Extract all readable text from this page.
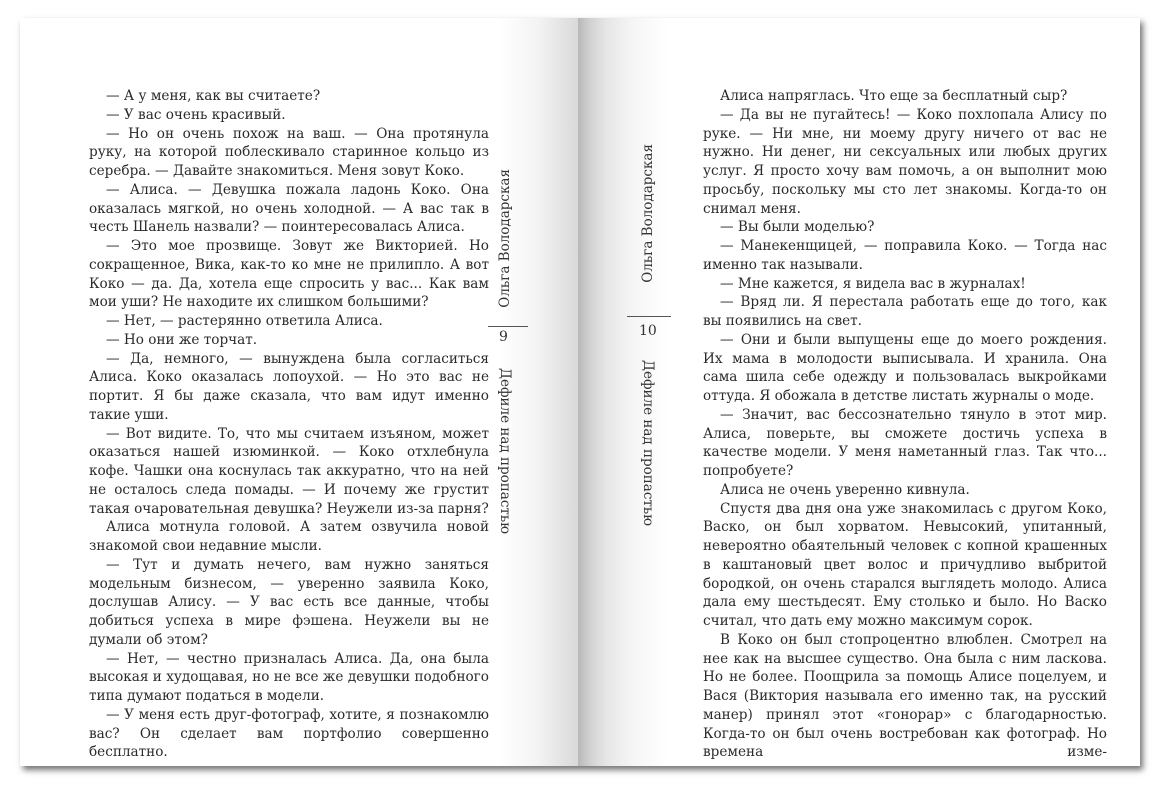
— А у меня, как вы считаете?

— У вас очень красивый.

— Но он очень похож на ваш. — Она протянула руку, на которой поблескивало старинное кольцо из серебра. — Давайте знакомиться. Меня зовут Коко.

— Алиса. — Девушка пожала ладонь Коко. Она оказалась мягкой, но очень холодной. — А вас так в честь Шанель назвали? — поинтересовалась Алиса.

— Это мое прозвище. Зовут же Викторией. Но сокращенное, Вика, как-то ко мне не прилипло. А вот Коко — да. Да, хотела еще спросить у вас... Как вам мои уши? Не находите их слишком большими?

— Нет, — растерянно ответила Алиса.

— Но они же торчат.

— Да, немного, — вынуждена была согласиться Алиса. Коко оказалась лопоухой. — Но это вас не портит. Я бы даже сказала, что вам идут именно такие уши.

— Вот видите. То, что мы считаем изъяном, может оказаться нашей изюминкой. — Коко отхлебнула кофе. Чашки она коснулась так аккуратно, что на ней не осталось следа помады. — И почему же грустит такая очаровательная девушка? Неужели из-за парня?

Алиса мотнула головой. А затем озвучила новой знакомой свои недавние мысли.

— Тут и думать нечего, вам нужно заняться модельным бизнесом, — уверенно заявила Коко, дослушав Алису. — У вас есть все данные, чтобы добиться успеха в мире фэшена. Неужели вы не думали об этом?

— Нет, — честно призналась Алиса. Да, она была высокая и худощавая, но не все же девушки подобного типа думают податься в модели.

— У меня есть друг-фотограф, хотите, я познакомлю вас? Он сделает вам портфолио совершенно бесплатно.

Ольга Володарская
9
Дефиле над пропастью
Ольга Володарская
10
Дефиле над пропастью

Алиса напряглась. Что еще за бесплатный сыр?

— Да вы не пугайтесь! — Коко похлопала Алису по руке. — Ни мне, ни моему другу ничего от вас не нужно. Ни денег, ни сексуальных или любых других услуг. Я просто хочу вам помочь, а он выполнит мою просьбу, поскольку мы сто лет знакомы. Когда-то он снимал меня.

— Вы были моделью?

— Манекенщицей, — поправила Коко. — Тогда нас именно так называли.

— Мне кажется, я видела вас в журналах!

— Вряд ли. Я перестала работать еще до того, как вы появились на свет.

— Они и были выпущены еще до моего рождения. Их мама в молодости выписывала. И хранила. Она сама шила себе одежду и пользовалась выкройками оттуда. Я обожала в детстве листать журналы о моде.

— Значит, вас бессознательно тянуло в этот мир. Алиса, поверьте, вы сможете достичь успеха в качестве модели. У меня наметанный глаз. Так что... попробуете?

Алиса не очень уверенно кивнула.

Спустя два дня она уже знакомилась с другом Коко, Васко, он был хорватом. Невысокий, упитанный, невероятно обаятельный человек с копной крашенных в каштановый цвет волос и причудливо выбритой бородкой, он очень старался выглядеть молодо. Алиса дала ему шестьдесят. Ему столько и было. Но Васко считал, что дать ему можно максимум сорок.

В Коко он был стопроцентно влюблен. Смотрел на нее как на высшее существо. Она была с ним ласкова. Но не более. Поощрила за помощь Алисе поцелуем, и Вася (Виктория называла его именно так, на русский манер) принял этот «гонорар» с благодарностью. Когда-то он был очень востребован как фотограф. Но времена изме-
